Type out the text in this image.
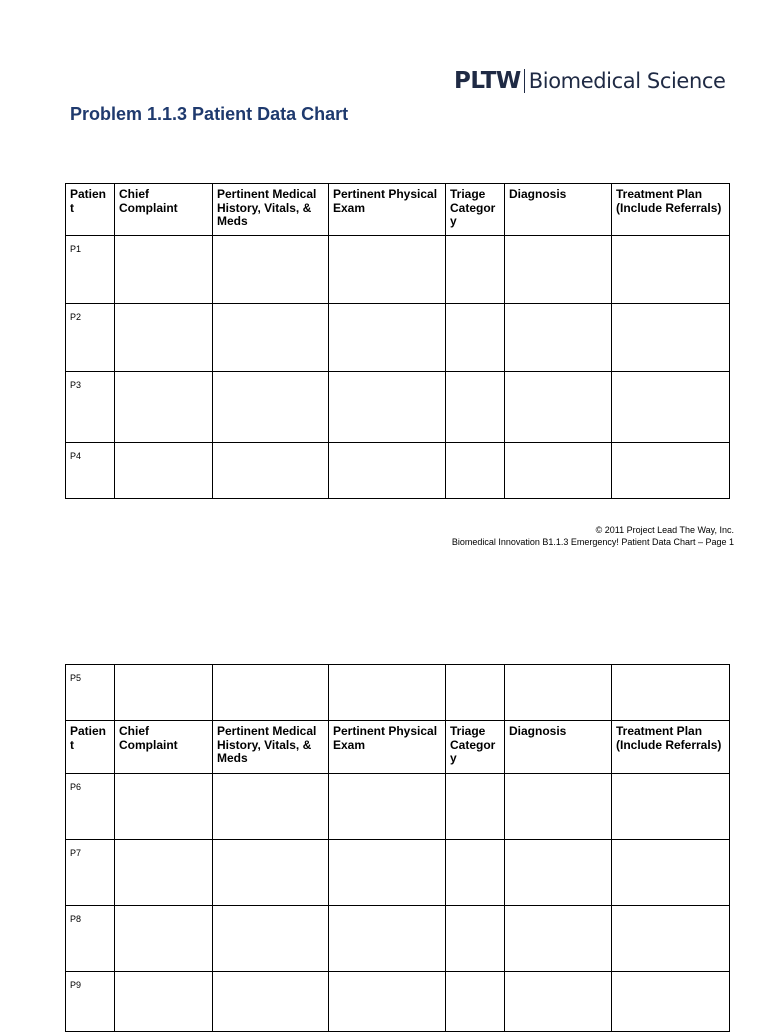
PLTW Biomedical Science
Problem 1.1.3 Patient Data Chart
Patien t	Chief Complaint	Pertinent Medical History, Vitals, & Meds	Pertinent Physical Exam	Triage Categor y	Diagnosis	Treatment Plan (Include Referrals)
P1						
P2						
P3						
P4						
© 2011 Project Lead The Way, Inc.
Biomedical Innovation B1.1.3 Emergency! Patient Data Chart – Page 1
P5						
Patien t	Chief Complaint	Pertinent Medical History, Vitals, & Meds	Pertinent Physical Exam	Triage Categor y	Diagnosis	Treatment Plan (Include Referrals)
P6						
P7						
P8						
P9						
